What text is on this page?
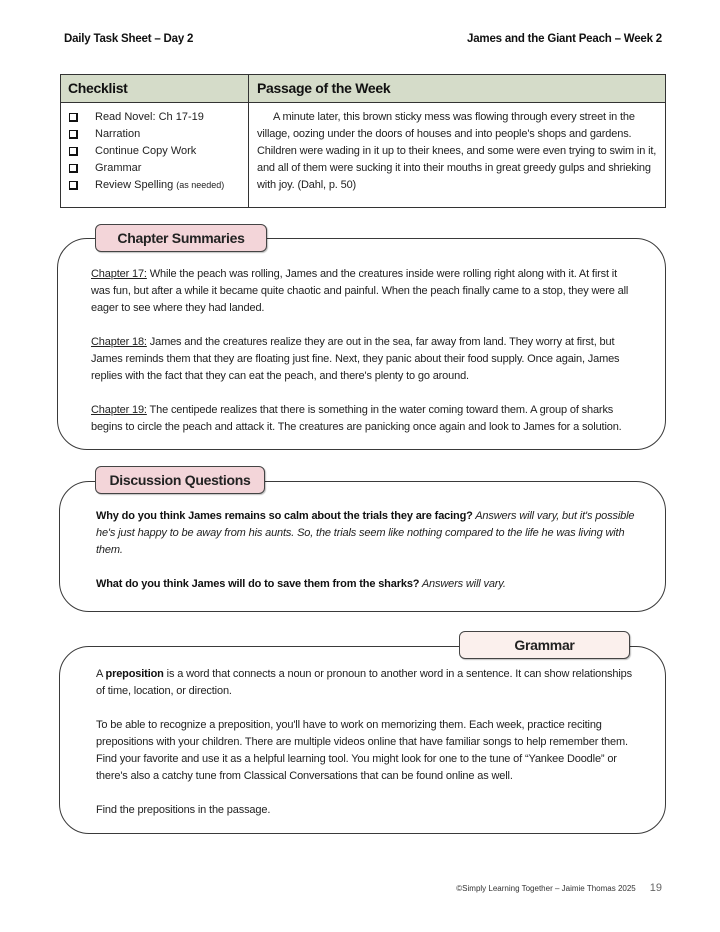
Daily Task Sheet – Day 2	James and the Giant Peach – Week 2
Checklist	Passage of the Week
Read Novel: Ch 17-19
Narration
Continue Copy Work
Grammar
Review Spelling (as needed)
A minute later, this brown sticky mess was flowing through every street in the village, oozing under the doors of houses and into people's shops and gardens. Children were wading in it up to their knees, and some were even trying to swim in it, and all of them were sucking it into their mouths in great greedy gulps and shrieking with joy. (Dahl, p. 50)
Chapter Summaries

Chapter 17: While the peach was rolling, James and the creatures inside were rolling right along with it. At first it was fun, but after a while it became quite chaotic and painful. When the peach finally came to a stop, they were all eager to see where they had landed.

Chapter 18: James and the creatures realize they are out in the sea, far away from land. They worry at first, but James reminds them that they are floating just fine. Next, they panic about their food supply. Once again, James replies with the fact that they can eat the peach, and there's plenty to go around.

Chapter 19: The centipede realizes that there is something in the water coming toward them. A group of sharks begins to circle the peach and attack it. The creatures are panicking once again and look to James for a solution.

Discussion Questions

Why do you think James remains so calm about the trials they are facing? Answers will vary, but it's possible he's just happy to be away from his aunts. So, the trials seem like nothing compared to the life he was living with them.

What do you think James will do to save them from the sharks? Answers will vary.

Grammar

A preposition is a word that connects a noun or pronoun to another word in a sentence. It can show relationships of time, location, or direction.

To be able to recognize a preposition, you'll have to work on memorizing them. Each week, practice reciting prepositions with your children. There are multiple videos online that have familiar songs to help remember them. Find your favorite and use it as a helpful learning tool. You might look for one to the tune of “Yankee Doodle” or there's also a catchy tune from Classical Conversations that can be found online as well.

Find the prepositions in the passage.

©Simply Learning Together – Jaimie Thomas 2025 19
